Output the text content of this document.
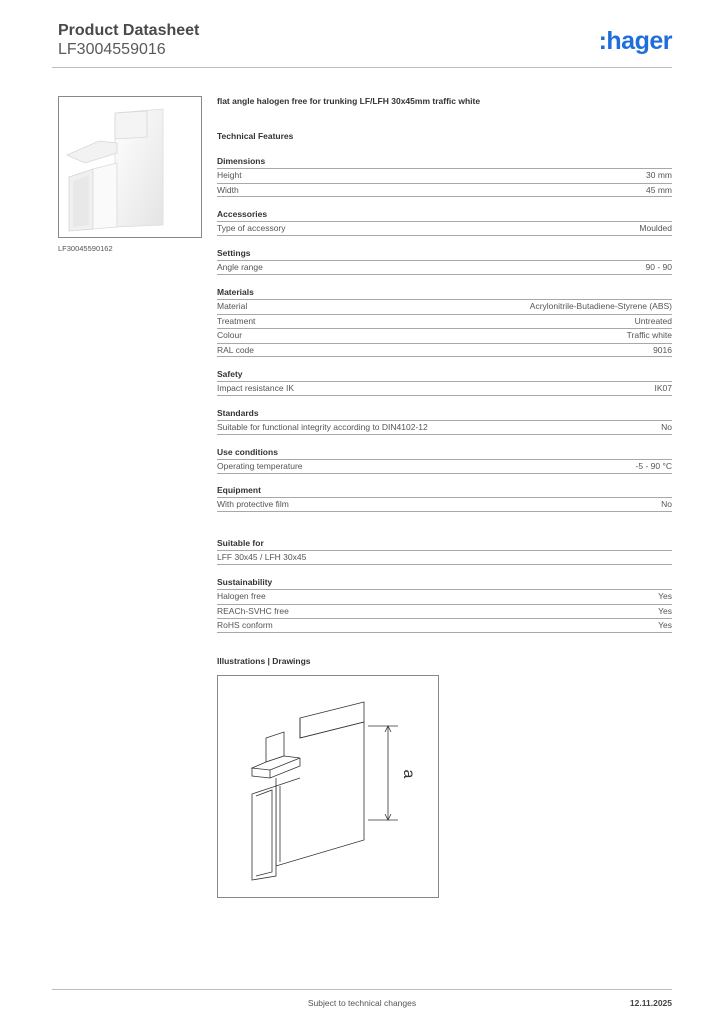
Product Datasheet
LF3004559016	:hager
LF30045590162
flat angle halogen free for trunking LF/LFH 30x45mm traffic white
Technical Features
Dimensions
Height	30 mm
Width	45 mm
Accessories
Type of accessory	Moulded
Settings
Angle range	90 - 90
Materials
Material	Acrylonitrile-Butadiene-Styrene (ABS)
Treatment	Untreated
Colour	Traffic white
RAL code	9016
Safety
Impact resistance IK	IK07
Standards
Suitable for functional integrity according to DIN4102-12	No
Use conditions
Operating temperature	-5 - 90 °C
Equipment
With protective film	No
Suitable for
LFF 30x45 / LFH 30x45
Sustainability
Halogen free	Yes
REACh-SVHC free	Yes
RoHS conform	Yes
Illustrations | Drawings
a
Subject to technical changes	12.11.2025
